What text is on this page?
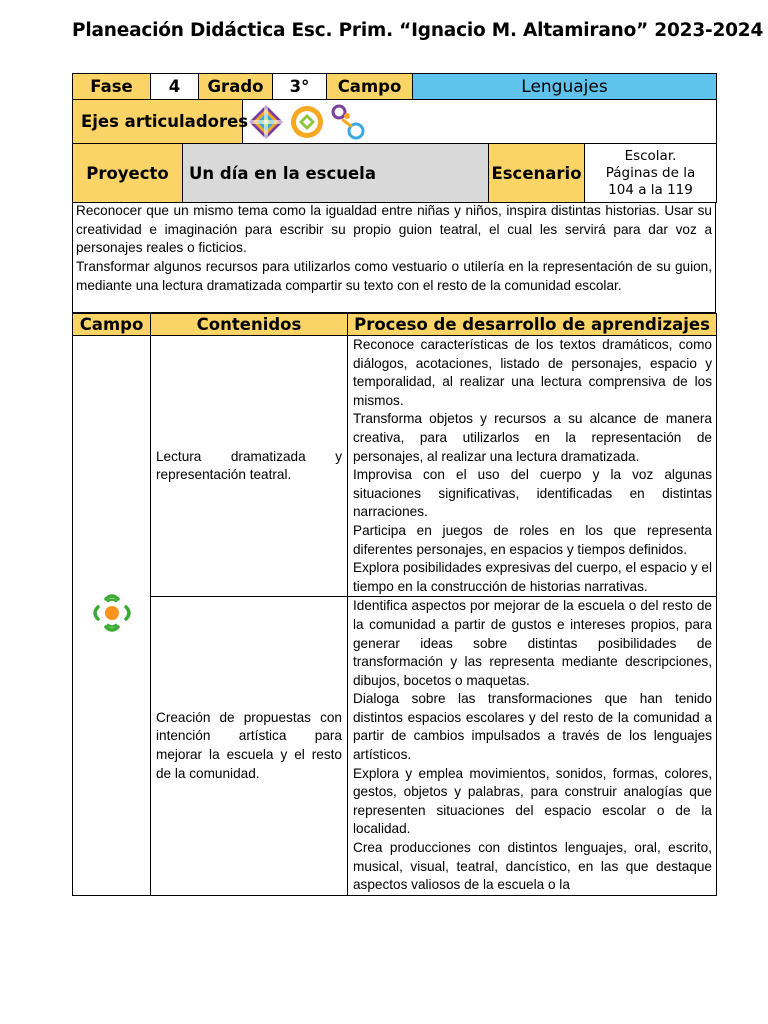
Planeación Didáctica Esc. Prim. “Ignacio M. Altamirano” 2023-2024
Fase	4	Grado	3°	Campo	Lenguajes
Ejes articuladores	
Proyecto	Un día en la escuela	Escenario	
Escolar.
Páginas de la
104 a la 119
Reconocer que un mismo tema como la igualdad entre niñas y niños, inspira distintas historias. Usar su creatividad e imaginación para escribir su propio guion teatral, el cual les servirá para dar voz a personajes reales o ficticios.
Transformar algunos recursos para utilizarlos como vestuario o utilería en la representación de su guion, mediante una lectura dramatizada compartir su texto con el resto de la comunidad escolar.
Campo	Contenidos	Proceso de desarrollo de aprendizajes
	Lectura dramatizada y representación teatral.	Reconoce características de los textos dramáticos, como diálogos, acotaciones, listado de personajes, espacio y temporalidad, al realizar una lectura comprensiva de los mismos.
Transforma objetos y recursos a su alcance de manera creativa, para utilizarlos en la representación de personajes, al realizar una lectura dramatizada.
Improvisa con el uso del cuerpo y la voz algunas situaciones significativas, identificadas en distintas narraciones.
Participa en juegos de roles en los que representa diferentes personajes, en espacios y tiempos definidos.
Explora posibilidades expresivas del cuerpo, el espacio y el tiempo en la construcción de historias narrativas.

	Creación de propuestas con intención artística para mejorar la escuela y el resto de la comunidad.	Identifica aspectos por mejorar de la escuela o del resto de la comunidad a partir de gustos e intereses propios, para generar ideas sobre distintas posibilidades de transformación y las representa mediante descripciones, dibujos, bocetos o maquetas.
Dialoga sobre las transformaciones que han tenido distintos espacios escolares y del resto de la comunidad a partir de cambios impulsados a través de los lenguajes artísticos.
Explora y emplea movimientos, sonidos, formas, colores, gestos, objetos y palabras, para construir analogías que representen situaciones del espacio escolar o de la localidad.
Crea producciones con distintos lenguajes, oral, escrito, musical, visual, teatral, dancístico, en las que destaque aspectos valiosos de la escuela o la
